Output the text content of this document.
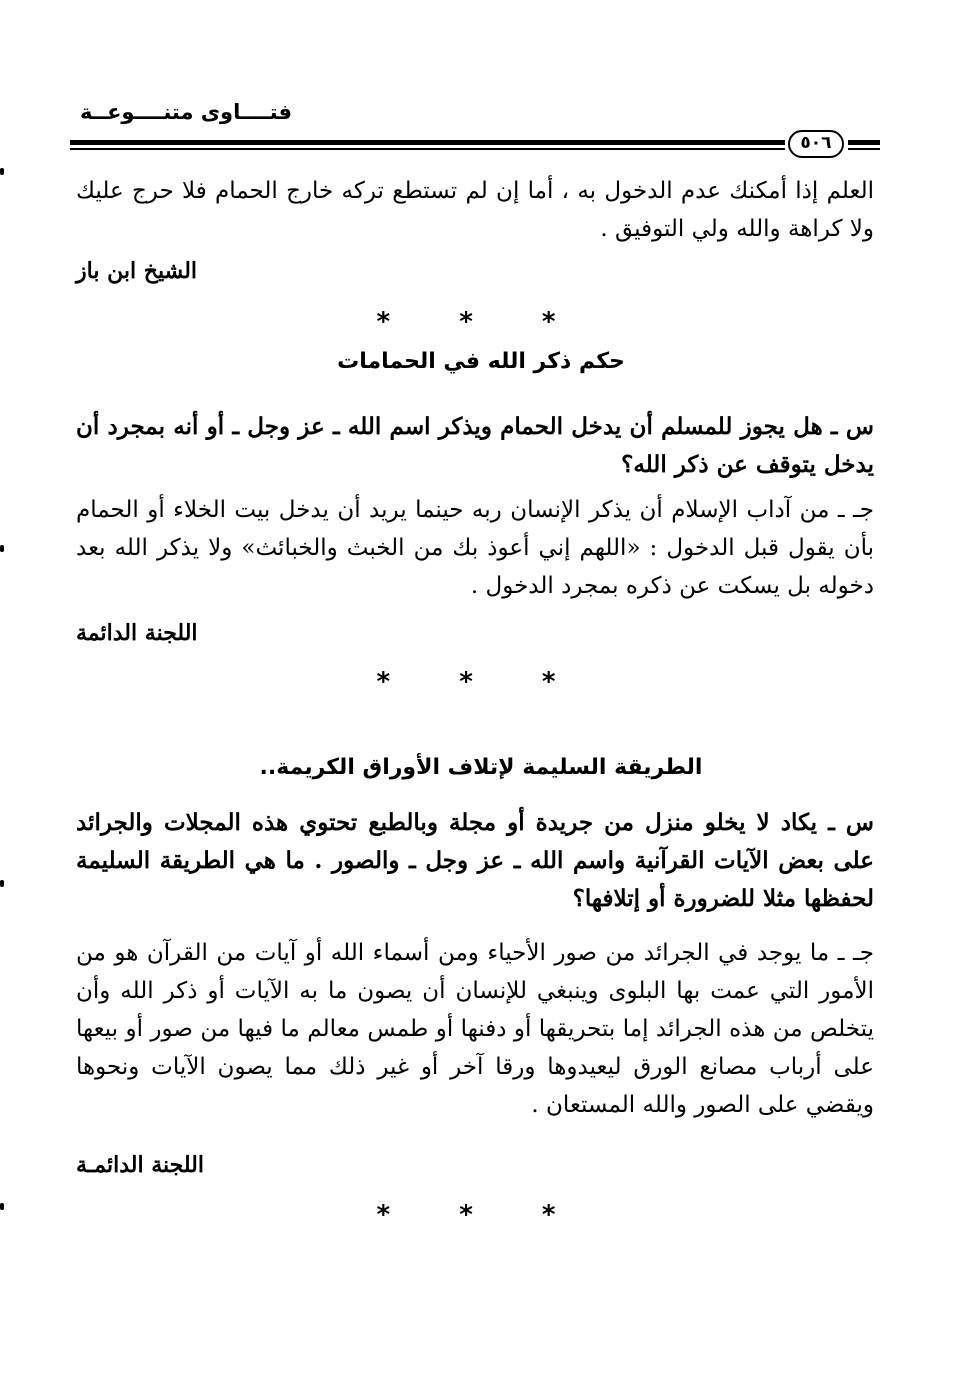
فتــــاوى متنــــوعــة
٥٠٦

العلم إذا أمكنك عدم الدخول به ، أما إن لم تستطع تركه خارج الحمام فلا حرج عليك ولا كراهة والله ولي التوفيق .

الشيخ ابن باز
* * *
حكم ذكر الله في الحمامات

س ـ هل يجوز للمسلم أن يدخل الحمام ويذكر اسم الله ـ عز وجل ـ أو أنه بمجرد أن يدخل يتوقف عن ذكر الله؟

جـ ـ من آداب الإسلام أن يذكر الإنسان ربه حينما يريد أن يدخل بيت الخلاء أو الحمام بأن يقول قبل الدخول : «اللهم إني أعوذ بك من الخبث والخبائث» ولا يذكر الله بعد دخوله بل يسكت عن ذكره بمجرد الدخول .

اللجنة الدائمة
* * *
الطريقة السليمة لإتلاف الأوراق الكريمة..

س ـ يكاد لا يخلو منزل من جريدة أو مجلة وبالطبع تحتوي هذه المجلات والجرائد على بعض الآيات القرآنية واسم الله ـ عز وجل ـ والصور . ما هي الطريقة السليمة لحفظها مثلا للضرورة أو إتلافها؟

جـ ـ ما يوجد في الجرائد من صور الأحياء ومن أسماء الله أو آيات من القرآن هو من الأمور التي عمت بها البلوى وينبغي للإنسان أن يصون ما به الآيات أو ذكر الله وأن يتخلص من هذه الجرائد إما بتحريقها أو دفنها أو طمس معالم ما فيها من صور أو بيعها على أرباب مصانع الورق ليعيدوها ورقا آخر أو غير ذلك مما يصون الآيات ونحوها ويقضي على الصور والله المستعان .

اللجنة الدائمـة
* * *
